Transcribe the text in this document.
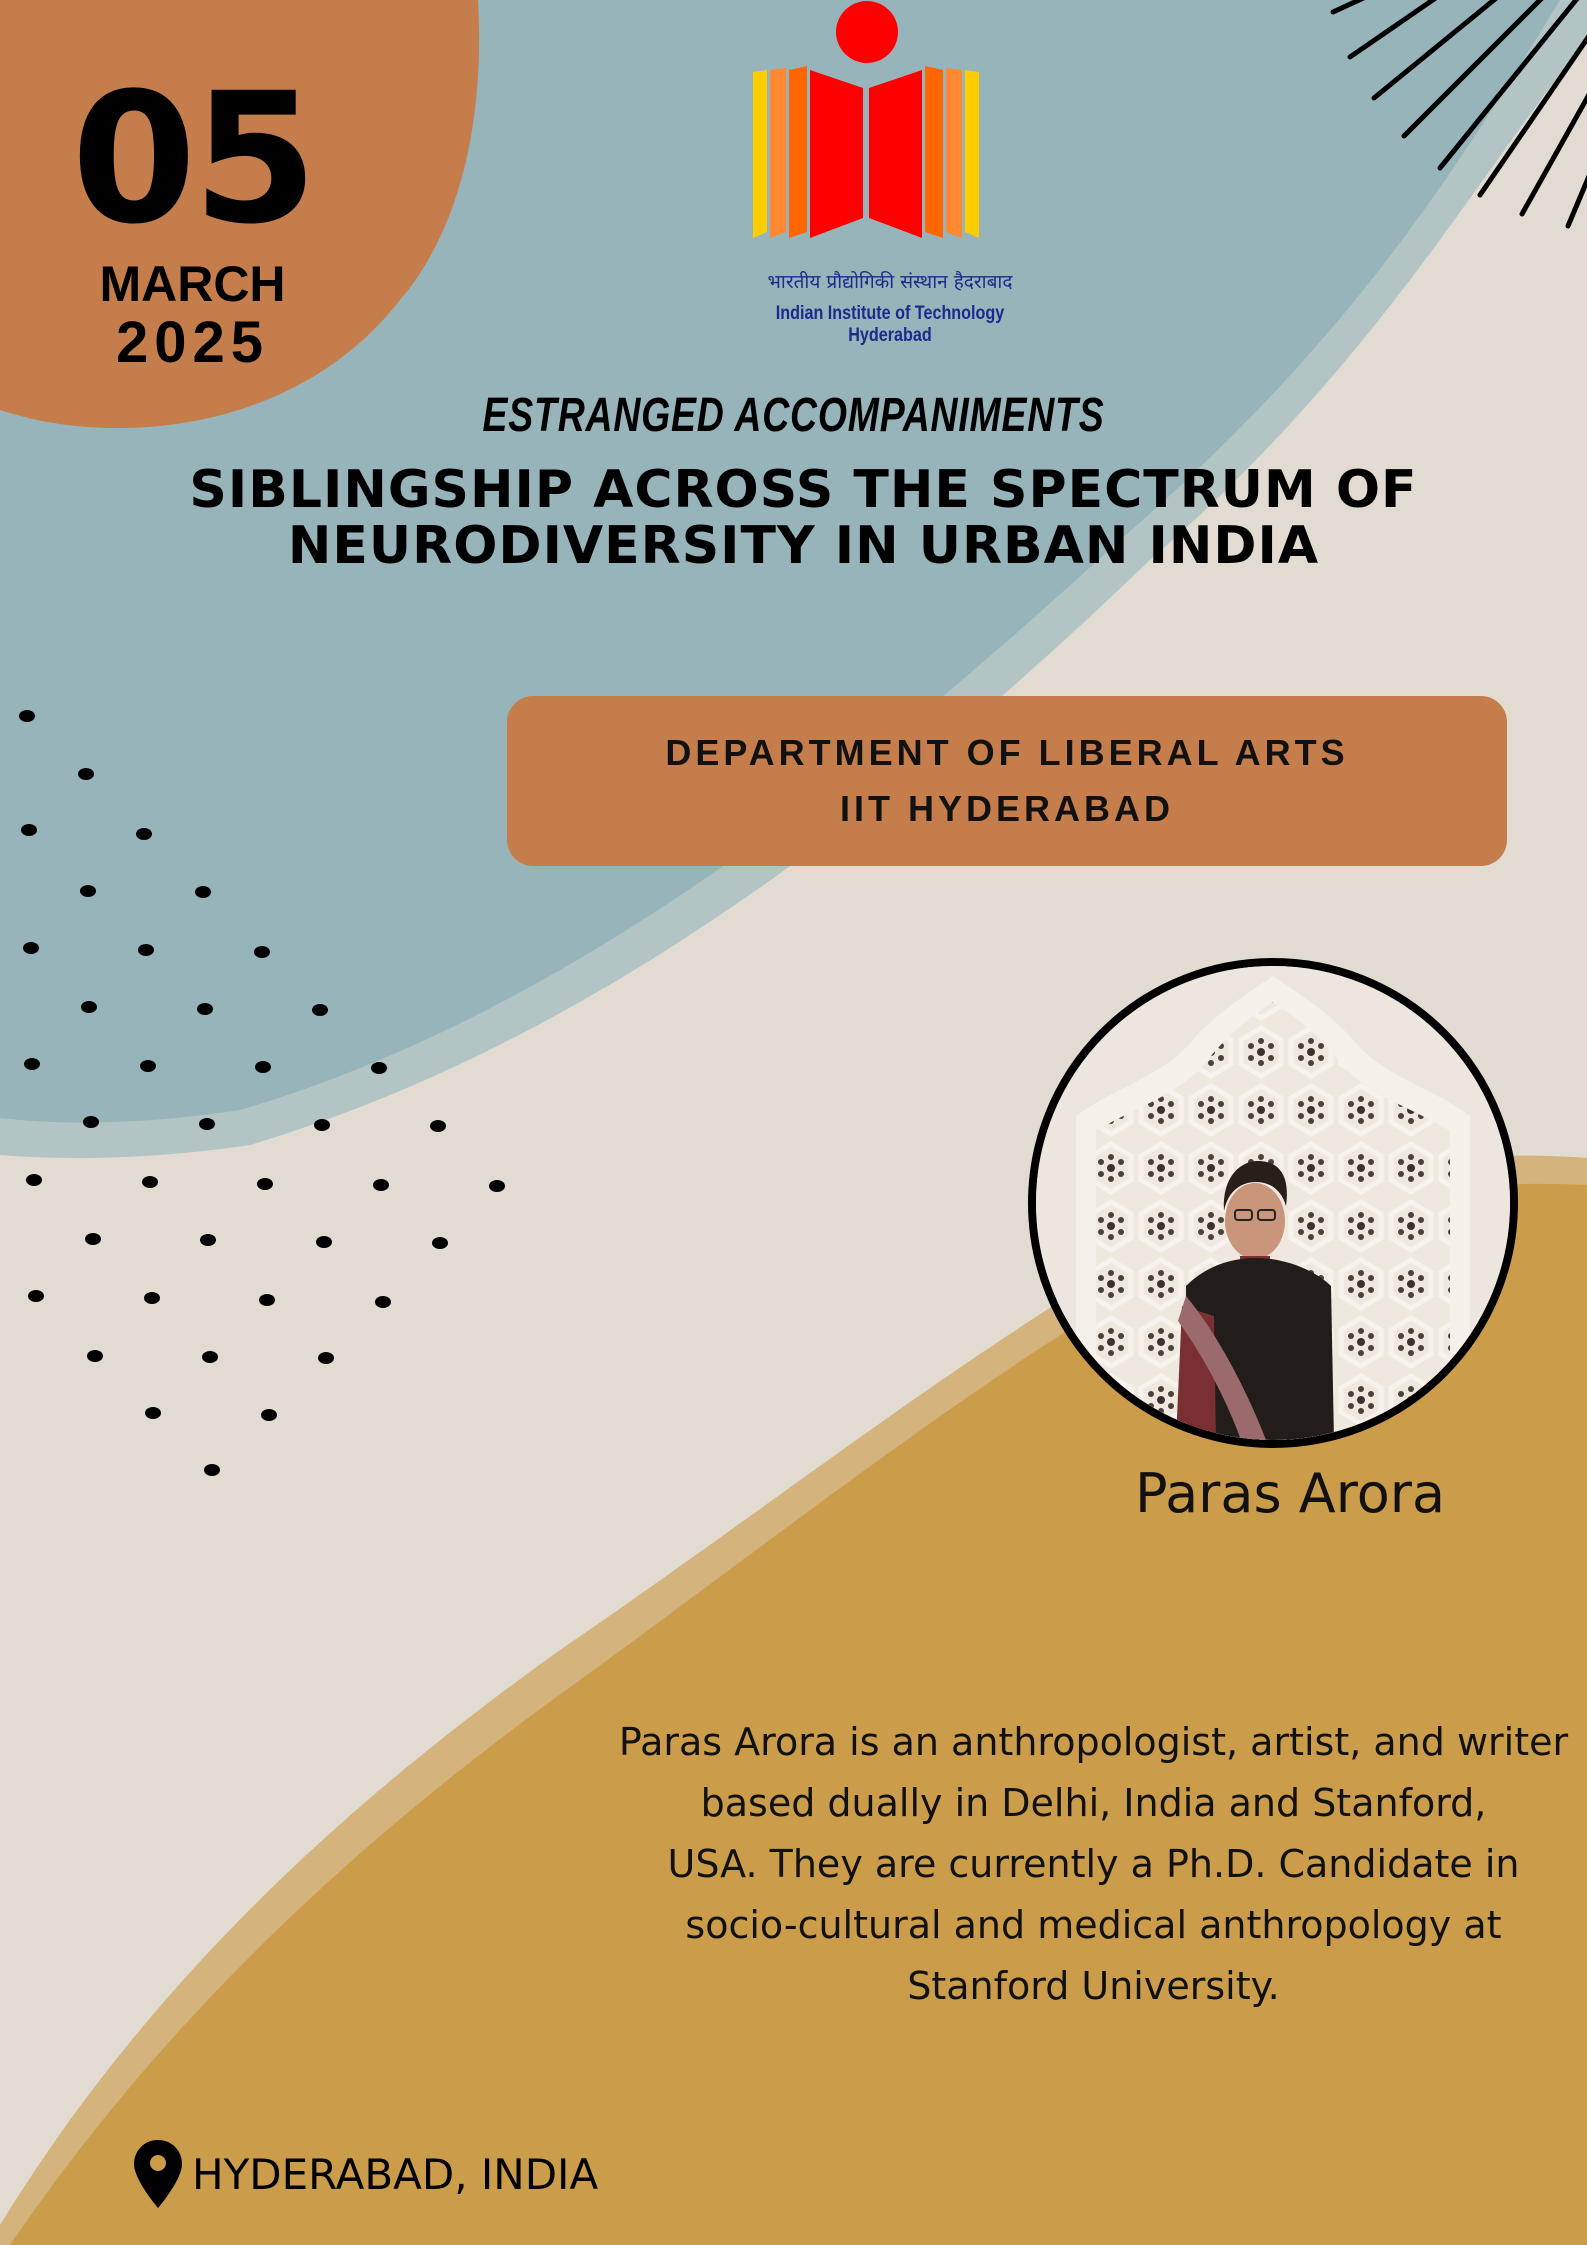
05
MARCH
2025
भारतीय प्रौद्योगिकी संस्थान हैदराबाद
Indian Institute of Technology Hyderabad
ESTRANGED ACCOMPANIMENTS
SIBLINGSHIP ACROSS THE SPECTRUM OF
NEURODIVERSITY IN URBAN INDIA
DEPARTMENT OF LIBERAL ARTS
IIT HYDERABAD
Paras Arora
Paras Arora is an anthropologist, artist, and writer
based dually in Delhi, India and Stanford,
USA. They are currently a Ph.D. Candidate in
socio-cultural and medical anthropology at
Stanford University.
HYDERABAD, INDIA
